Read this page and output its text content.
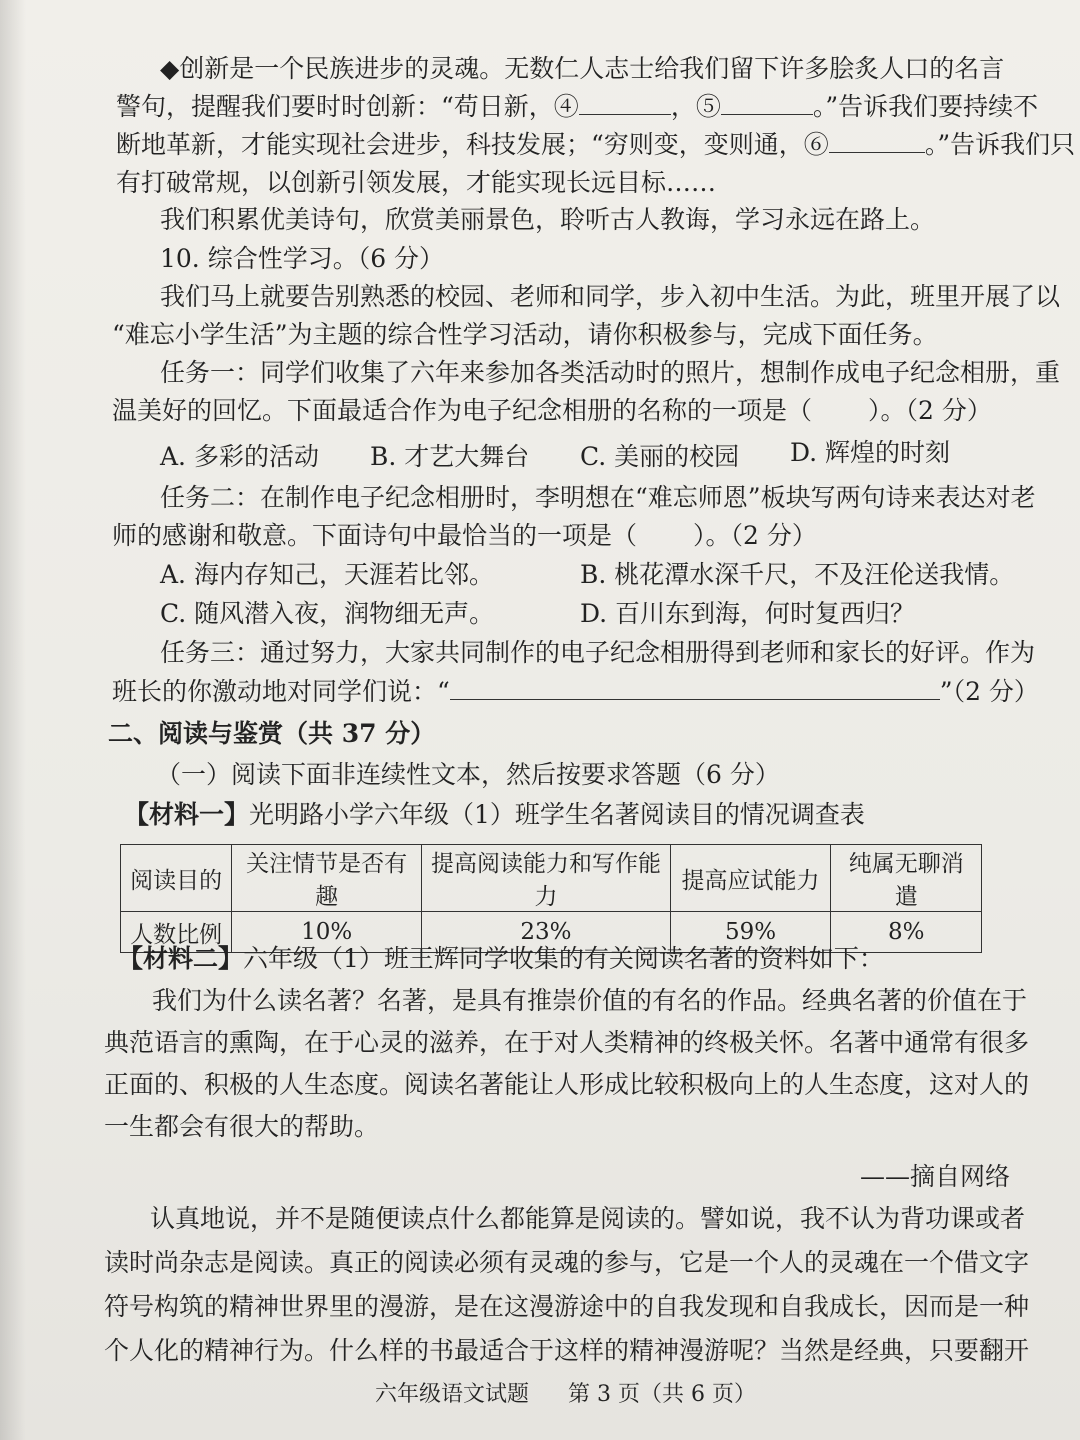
◆创新是一个民族进步的灵魂。无数仁人志士给我们留下许多脍炙人口的名言
警句，提醒我们要时时创新：“苟日新，④	，⑤	。”告诉我们要持续不
断地革新，才能实现社会进步，科技发展；“穷则变，变则通，⑥	。”告诉我们只
有打破常规，以创新引领发展，才能实现长远目标……
我们积累优美诗句，欣赏美丽景色，聆听古人教诲，学习永远在路上。
10. 综合性学习。（6 分）
我们马上就要告别熟悉的校园、老师和同学，步入初中生活。为此，班里开展了以
“难忘小学生活”为主题的综合性学习活动，请你积极参与，完成下面任务。
任务一：同学们收集了六年来参加各类活动时的照片，想制作成电子纪念相册，重
温美好的回忆。下面最适合作为电子纪念相册的名称的一项是（ ）。（2 分）
A. 多彩的活动 B. 才艺大舞台 C. 美丽的校园 D. 辉煌的时刻
任务二：在制作电子纪念相册时，李明想在“难忘师恩”板块写两句诗来表达对老
师的感谢和敬意。下面诗句中最恰当的一项是（ ）。（2 分）
A. 海内存知己，天涯若比邻。	B. 桃花潭水深千尺，不及汪伦送我情。
C. 随风潜入夜，润物细无声。	D. 百川东到海，何时复西归？
任务三：通过努力，大家共同制作的电子纪念相册得到老师和家长的好评。作为
班长的你激动地对同学们说：“	”（2 分）
二、阅读与鉴赏（共 37 分）
（一）阅读下面非连续性文本，然后按要求答题（6 分）
【材料一】光明路小学六年级（1）班学生名著阅读目的情况调查表
阅读目的	关注情节是否有趣	提高阅读能力和写作能力	提高应试能力	纯属无聊消遣
人数比例	10%	23%	59%	8%
【材料二】六年级（1）班王辉同学收集的有关阅读名著的资料如下：
我们为什么读名著？名著，是具有推崇价值的有名的作品。经典名著的价值在于
典范语言的熏陶，在于心灵的滋养，在于对人类精神的终极关怀。名著中通常有很多
正面的、积极的人生态度。阅读名著能让人形成比较积极向上的人生态度，这对人的
一生都会有很大的帮助。
——摘自网络
认真地说，并不是随便读点什么都能算是阅读的。譬如说，我不认为背功课或者
读时尚杂志是阅读。真正的阅读必须有灵魂的参与，它是一个人的灵魂在一个借文字
符号构筑的精神世界里的漫游，是在这漫游途中的自我发现和自我成长，因而是一种
个人化的精神行为。什么样的书最适合于这样的精神漫游呢？当然是经典，只要翻开
六年级语文试题 第 3 页（共 6 页）
